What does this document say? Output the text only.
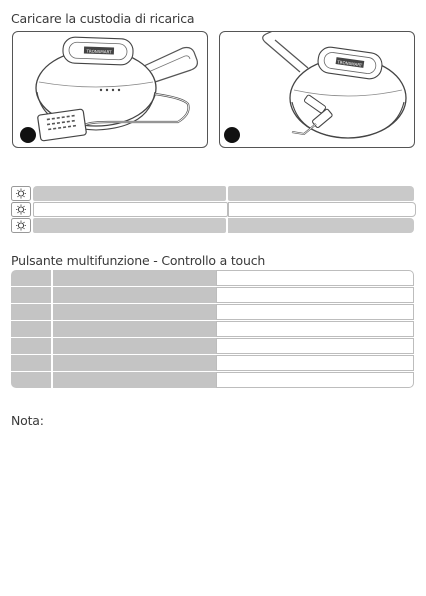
Caricare la custodia di ricarica
TRONSMART
TRONSMART
Pulsante multifunzione - Controllo a touch
Nota:
